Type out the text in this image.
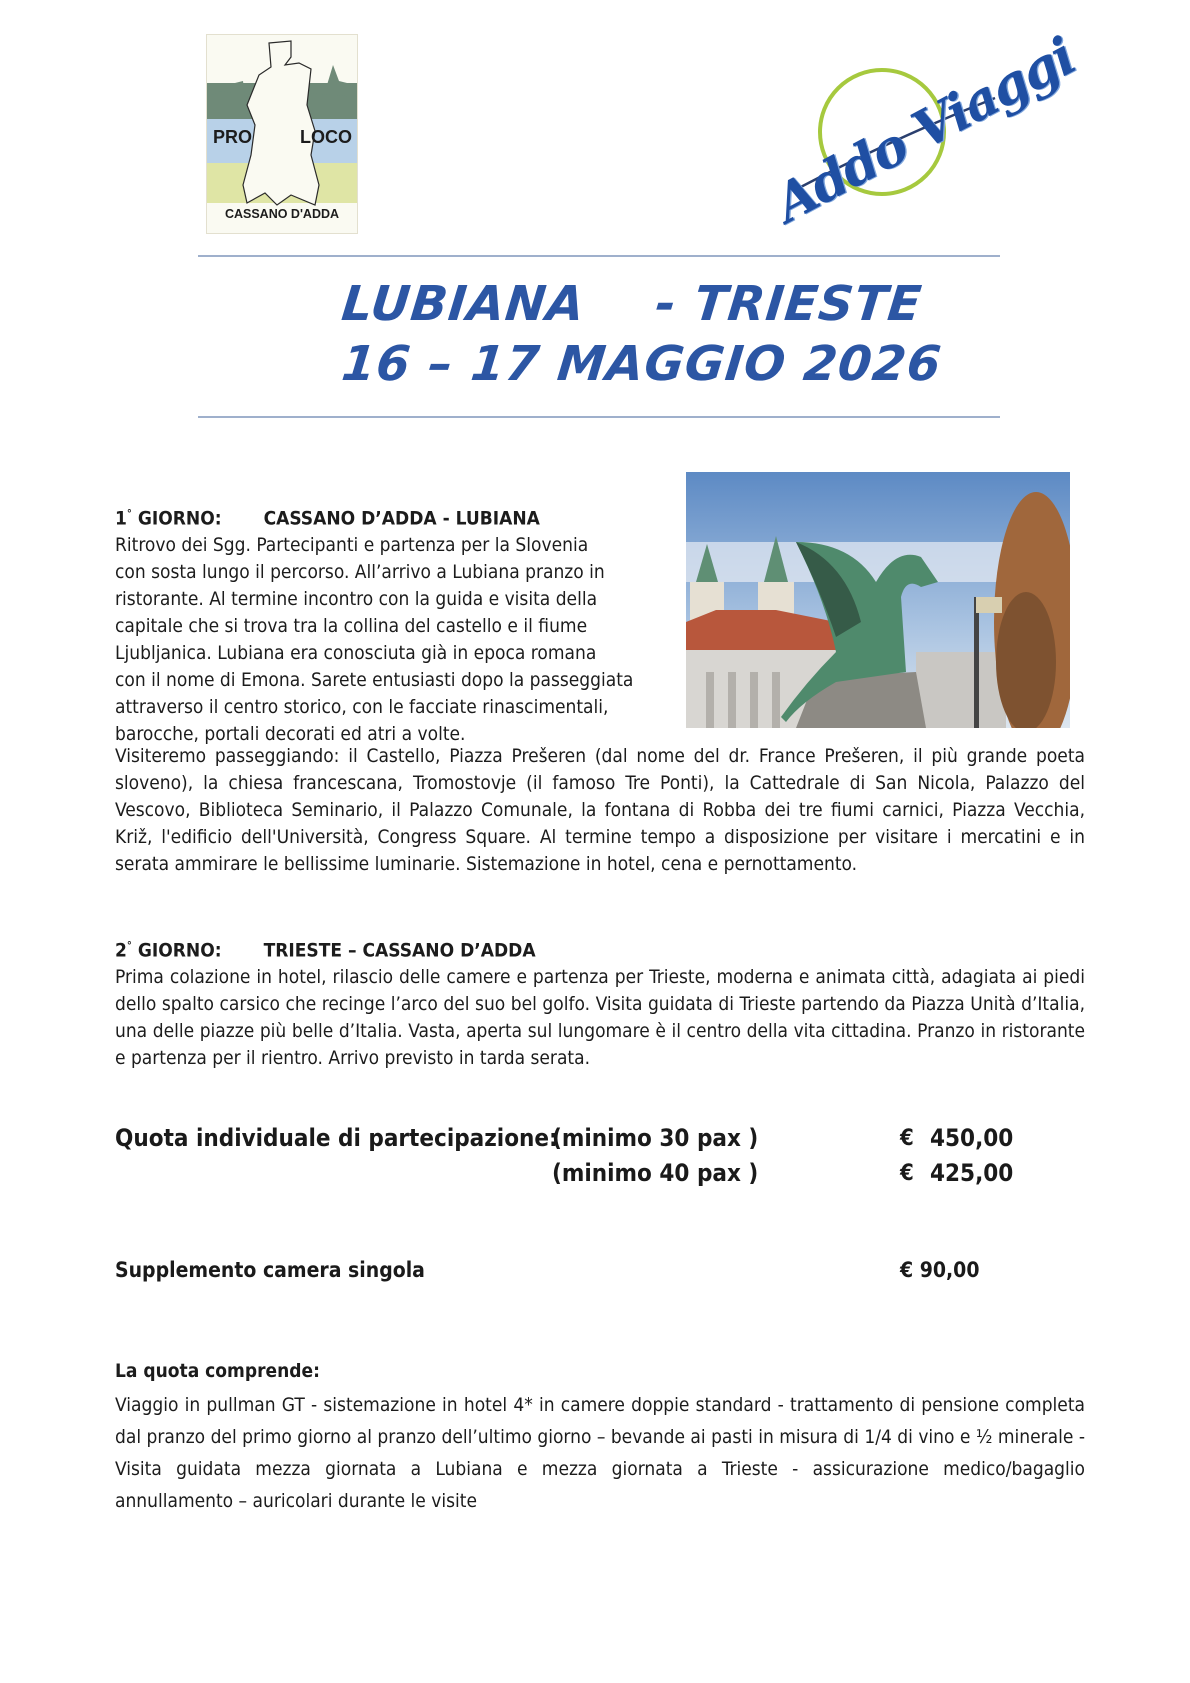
PRO	LOCO
CASSANO D'ADDA	Addo Viaggi
LUBIANA    - TRIESTE
16 – 17 MAGGIO 2026

1° GIORNO: CASSANO D’ADDA - LUBIANA

Ritrovo dei Sgg. Partecipanti e partenza per la Slovenia

con sosta lungo il percorso. All’arrivo a Lubiana pranzo in

ristorante. Al termine incontro con la guida e visita della

capitale che si trova tra la collina del castello e il fiume

Ljubljanica. Lubiana era conosciuta già in epoca romana

con il nome di Emona. Sarete entusiasti dopo la passeggiata

attraverso il centro storico, con le facciate rinascimentali,

barocche, portali decorati ed atri a volte.

Visiteremo passeggiando: il Castello, Piazza Prešeren (dal nome del dr. France Prešeren, il più grande poeta sloveno), la chiesa francescana, Tromostovje (il famoso Tre Ponti), la Cattedrale di San Nicola, Palazzo del Vescovo, Biblioteca Seminario, il Palazzo Comunale, la fontana di Robba dei tre fiumi carnici, Piazza Vecchia, Križ, l'edificio dell'Università, Congress Square. Al termine tempo a disposizione per visitare i mercatini e in serata ammirare le bellissime luminarie. Sistemazione in hotel, cena e pernottamento.

2° GIORNO: TRIESTE – CASSANO D’ADDA

Prima colazione in hotel, rilascio delle camere e partenza per Trieste, moderna e animata città, adagiata ai piedi dello spalto carsico che recinge l’arco del suo bel golfo. Visita guidata di Trieste partendo da Piazza Unità d’Italia, una delle piazze più belle d’Italia. Vasta, aperta sul lungomare è il centro della vita cittadina. Pranzo in ristorante e partenza per il rientro. Arrivo previsto in tarda serata.

Quota individuale di partecipazione:
(minimo 30 pax )	€ 450,00
(minimo 40 pax )	€ 425,00
Supplemento camera singola	€ 90,00

La quota comprende:

Viaggio in pullman GT - sistemazione in hotel 4* in camere doppie standard - trattamento di pensione completa dal pranzo del primo giorno al pranzo dell’ultimo giorno – bevande ai pasti in misura di 1/4 di vino e ½ minerale - Visita guidata mezza giornata a Lubiana e mezza giornata a Trieste - assicurazione medico/bagaglio annullamento – auricolari durante le visite
